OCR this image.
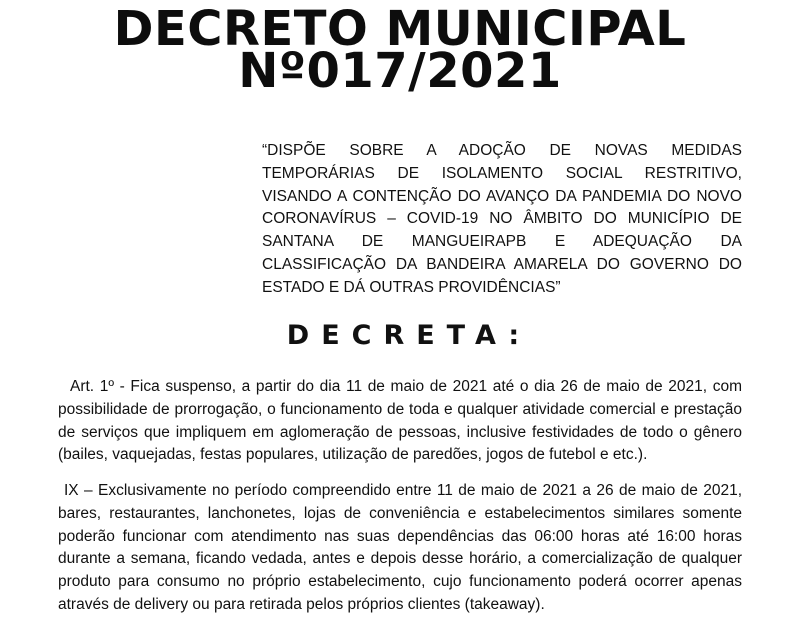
DECRETO MUNICIPAL
Nº017/2021
“DISPÕE SOBRE A ADOÇÃO DE NOVAS MEDIDAS TEMPORÁRIAS DE ISOLAMENTO SOCIAL RESTRITIVO, VISANDO A CONTENÇÃO DO AVANÇO DA PANDEMIA DO NOVO CORONAVÍRUS – COVID-19 NO ÂMBITO DO MUNICÍPIO DE SANTANA DE MANGUEIRAPB E ADEQUAÇÃO DA CLASSIFICAÇÃO DA BANDEIRA AMARELA DO GOVERNO DO ESTADO E DÁ OUTRAS PROVIDÊNCIAS”
DECRETA:
Art. 1º - Fica suspenso, a partir do dia 11 de maio de 2021 até o dia 26 de maio de 2021, com possibilidade de prorrogação, o funcionamento de toda e qualquer atividade comercial e prestação de serviços que impliquem em aglomeração de pessoas, inclusive festividades de todo o gênero (bailes, vaquejadas, festas populares, utilização de paredões, jogos de futebol e etc.).
IX – Exclusivamente no período compreendido entre 11 de maio de 2021 a 26 de maio de 2021, bares, restaurantes, lanchonetes, lojas de conveniência e estabelecimentos similares somente poderão funcionar com atendimento nas suas dependências das 06:00 horas até 16:00 horas durante a semana, ficando vedada, antes e depois desse horário, a comercialização de qualquer produto para consumo no próprio estabelecimento, cujo funcionamento poderá ocorrer apenas através de delivery ou para retirada pelos próprios clientes (takeaway).
